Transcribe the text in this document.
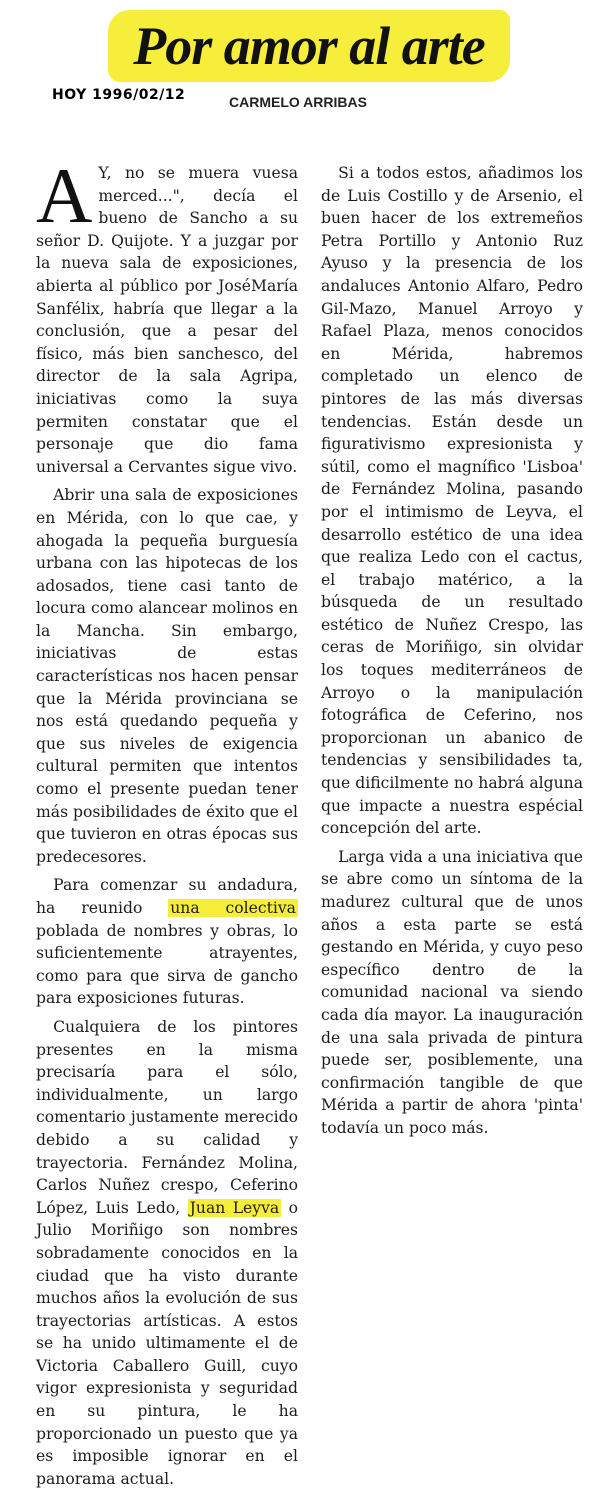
Por amor al arte
HOY 1996/02/12	CARMELO ARRIBAS

A Y, no se muera vuesa merced...", decía el bueno de Sancho a su señor D. Quijote. Y a juzgar por la nueva sala de exposiciones, abierta al público por JoséMaría Sanfélix, habría que llegar a la conclusión, que a pesar del físico, más bien sanchesco, del director de la sala Agripa, iniciativas como la suya permiten constatar que el personaje que dio fama universal a Cervantes sigue vivo.

Abrir una sala de exposiciones en Mérida, con lo que cae, y ahogada la pequeña burguesía urbana con las hipotecas de los adosados, tiene casi tanto de locura como alancear molinos en la Mancha. Sin embargo, iniciativas de estas características nos hacen pensar que la Mérida provinciana se nos está quedando pequeña y que sus niveles de exigencia cultural permiten que intentos como el presente puedan tener más posibilidades de éxito que el que tuvieron en otras épocas sus predecesores.

Para comenzar su andadura, ha reunido una colectiva poblada de nombres y obras, lo suficientemente atrayentes, como para que sirva de gancho para exposiciones futuras.

Cualquiera de los pintores presentes en la misma precisaría para el sólo, individualmente, un largo comentario justamente merecido debido a su calidad y trayectoria. Fernández Molina, Carlos Nuñez crespo, Ceferino López, Luis Ledo, Juan Leyva o Julio Moriñigo son nombres sobradamente conocidos en la ciudad que ha visto durante muchos años la evolución de sus trayectorias artísticas. A estos se ha unido ultimamente el de Victoria Caballero Guill, cuyo vigor expresionista y seguridad en su pintura, le ha proporcionado un puesto que ya es imposible ignorar en el panorama actual.

Si a todos estos, añadimos los de Luis Costillo y de Arsenio, el buen hacer de los extremeños Petra Portillo y Antonio Ruz Ayuso y la presencia de los andaluces Antonio Alfaro, Pedro Gil-Mazo, Manuel Arroyo y Rafael Plaza, menos conocidos en Mérida, habremos completado un elenco de pintores de las más diversas tendencias. Están desde un figurativismo expresionista y sútil, como el magnífico 'Lisboa' de Fernández Molina, pasando por el intimismo de Leyva, el desarrollo estético de una idea que realiza Ledo con el cactus, el trabajo matérico, a la búsqueda de un resultado estético de Nuñez Crespo, las ceras de Moriñigo, sin olvidar los toques mediterráneos de Arroyo o la manipulación fotográfica de Ceferino, nos proporcionan un abanico de tendencias y sensibilidades ta, que dificilmente no habrá alguna que impacte a nuestra espécial concepción del arte.

Larga vida a una iniciativa que se abre como un síntoma de la madurez cultural que de unos años a esta parte se está gestando en Mérida, y cuyo peso específico dentro de la comunidad nacional va siendo cada día mayor. La inauguración de una sala privada de pintura puede ser, posiblemente, una confirmación tangible de que Mérida a partir de ahora 'pinta' todavía un poco más.
